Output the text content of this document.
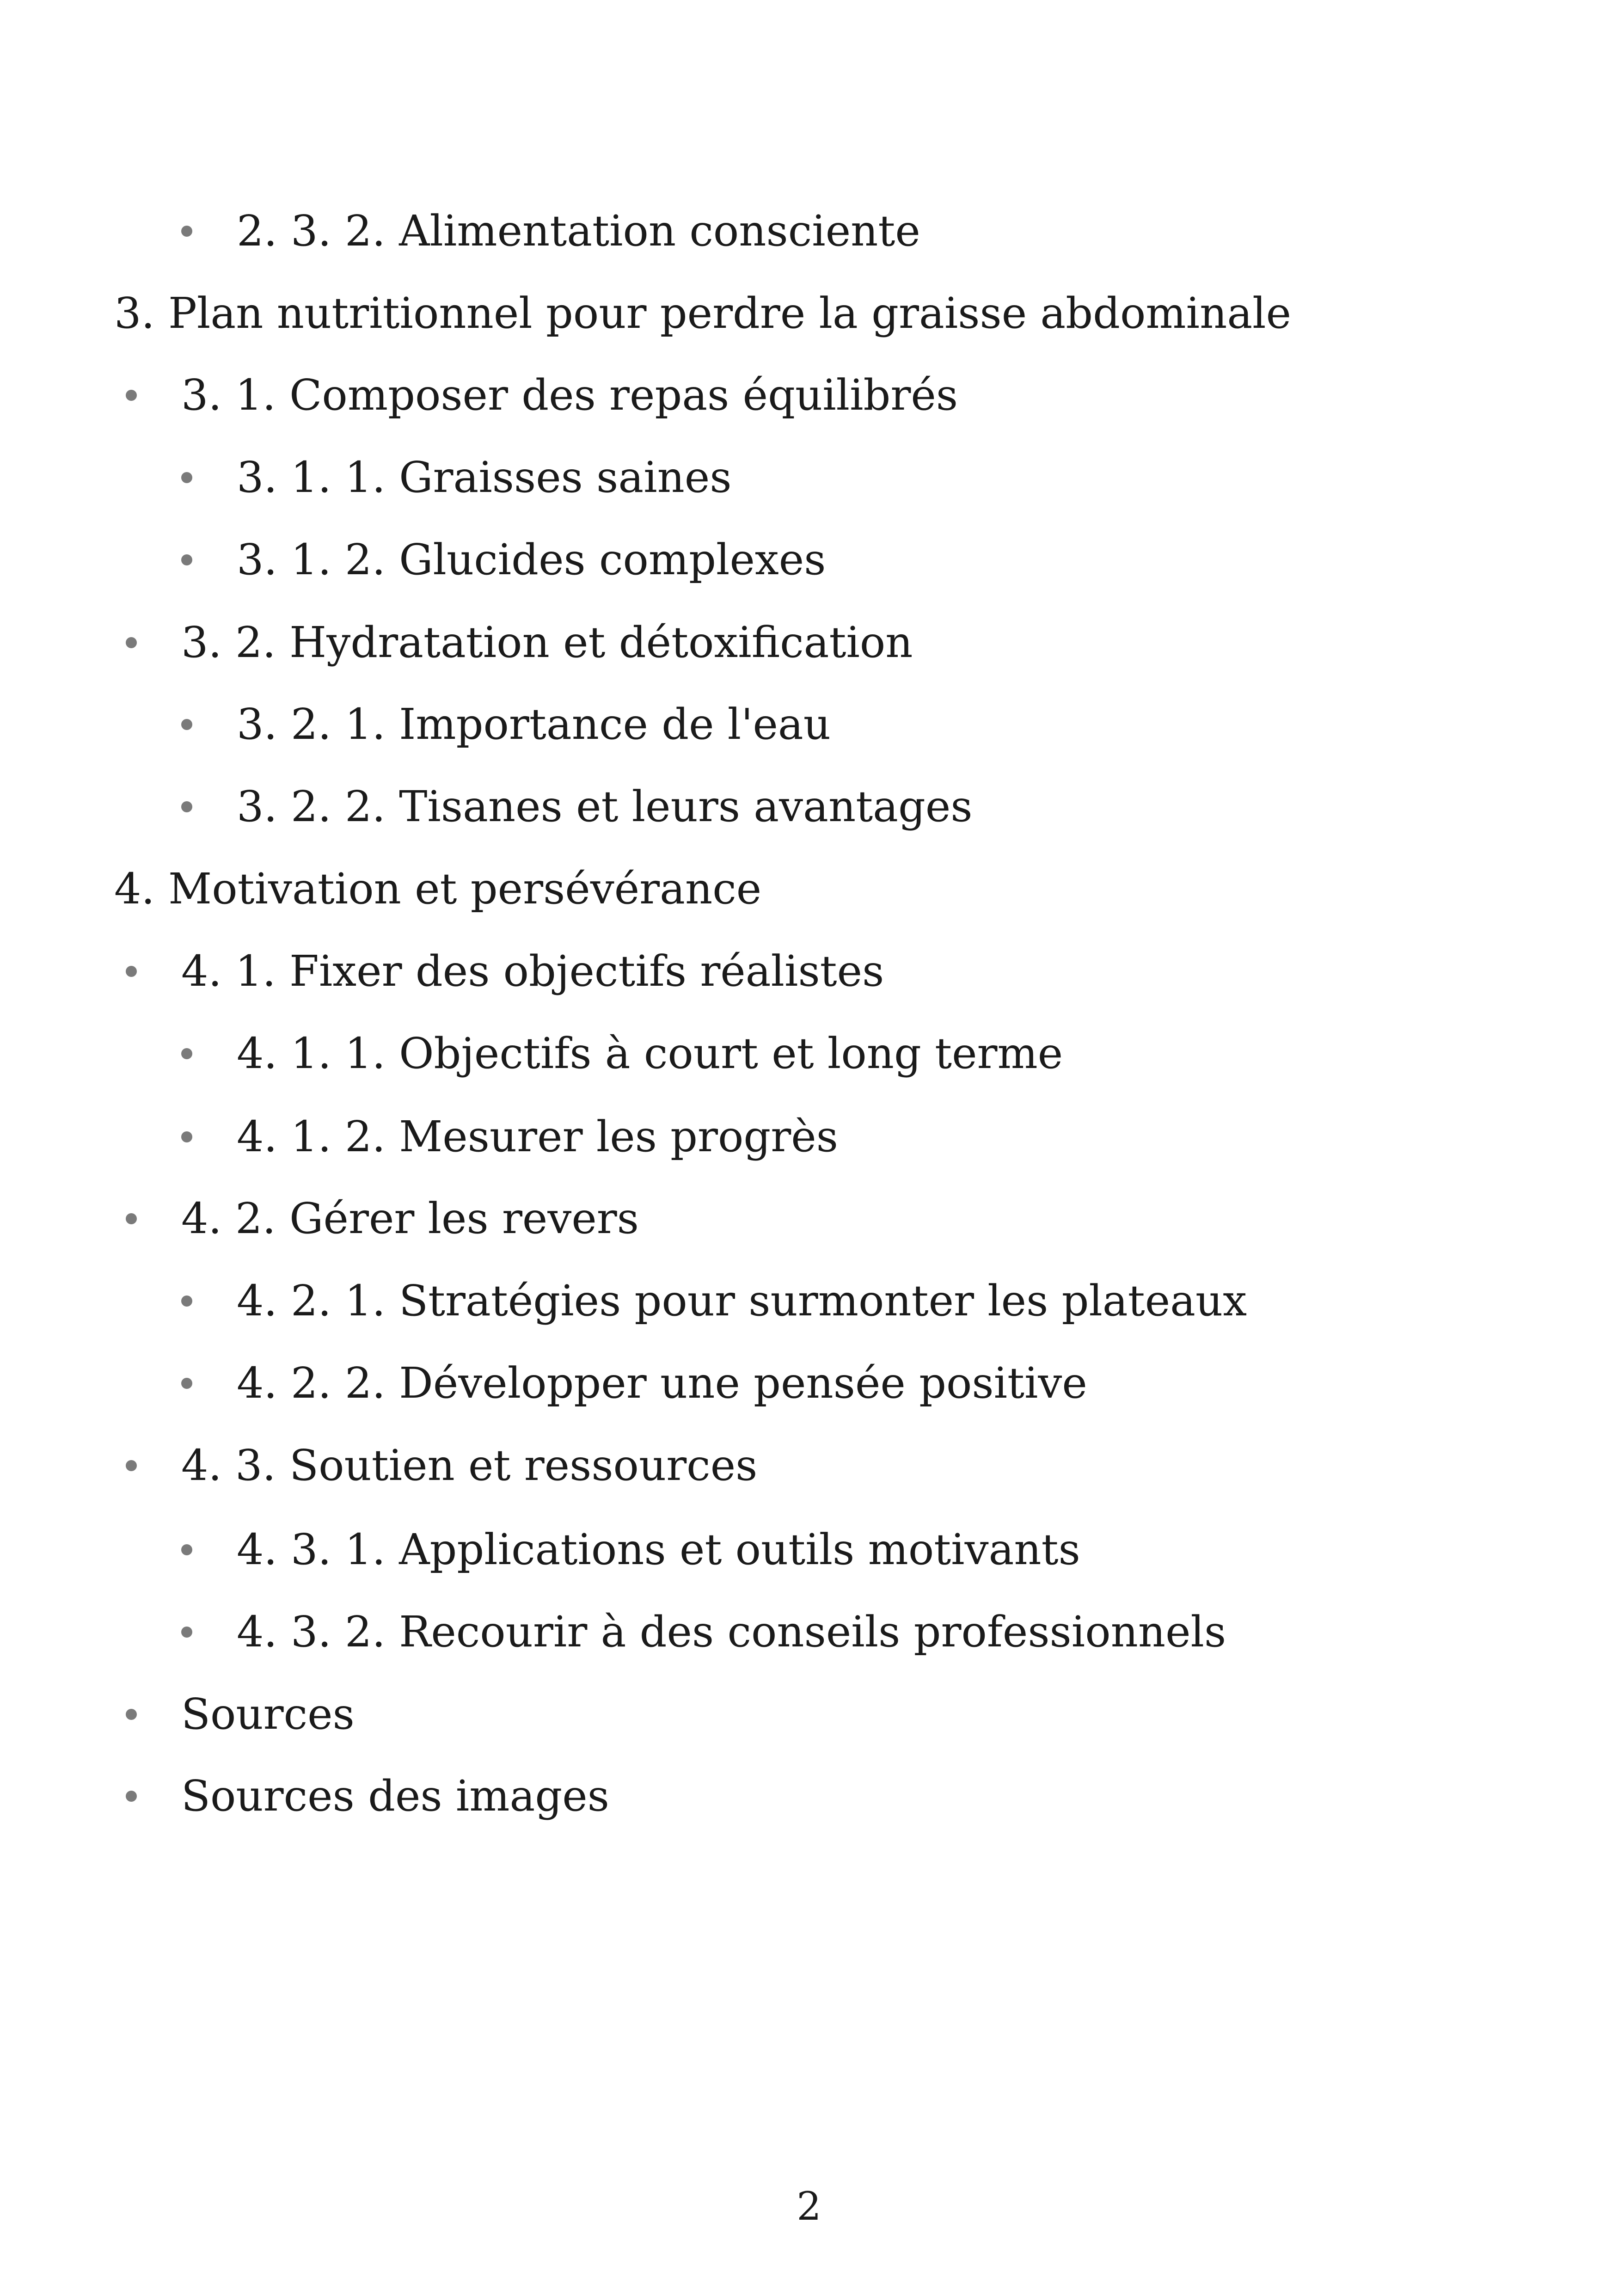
2. 3. 2. Alimentation consciente
3. Plan nutritionnel pour perdre la graisse abdominale
3. 1. Composer des repas équilibrés
3. 1. 1. Graisses saines
3. 1. 2. Glucides complexes
3. 2. Hydratation et détoxification
3. 2. 1. Importance de l'eau
3. 2. 2. Tisanes et leurs avantages
4. Motivation et persévérance
4. 1. Fixer des objectifs réalistes
4. 1. 1. Objectifs à court et long terme
4. 1. 2. Mesurer les progrès
4. 2. Gérer les revers
4. 2. 1. Stratégies pour surmonter les plateaux
4. 2. 2. Développer une pensée positive
4. 3. Soutien et ressources
4. 3. 1. Applications et outils motivants
4. 3. 2. Recourir à des conseils professionnels
Sources
Sources des images
2
